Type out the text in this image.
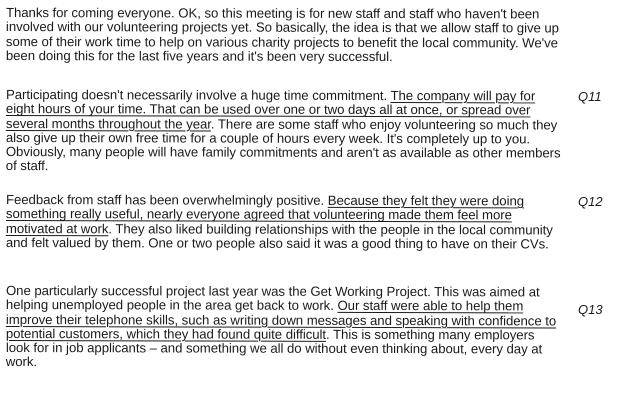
Thanks for coming everyone. OK, so this meeting is for new staff and staff who haven't been involved with our volunteering projects yet. So basically, the idea is that we allow staff to give up some of their work time to help on various charity projects to benefit the local community. We've been doing this for the last five years and it's been very successful.

Participating doesn't necessarily involve a huge time commitment. The company will pay for eight hours of your time. That can be used over one or two days all at once, or spread over several months throughout the year. There are some staff who enjoy volunteering so much they also give up their own free time for a couple of hours every week. It's completely up to you. Obviously, many people will have family commitments and aren't as available as other members of staff.

Feedback from staff has been overwhelmingly positive. Because they felt they were doing something really useful, nearly everyone agreed that volunteering made them feel more motivated at work. They also liked building relationships with the people in the local community and felt valued by them. One or two people also said it was a good thing to have on their CVs.

One particularly successful project last year was the Get Working Project. This was aimed at helping unemployed people in the area get back to work. Our staff were able to help them improve their telephone skills, such as writing down messages and speaking with confidence to potential customers, which they had found quite difficult. This is something many employers look for in job applicants – and something we all do without even thinking about, every day at work.

Q11
Q12
Q13
